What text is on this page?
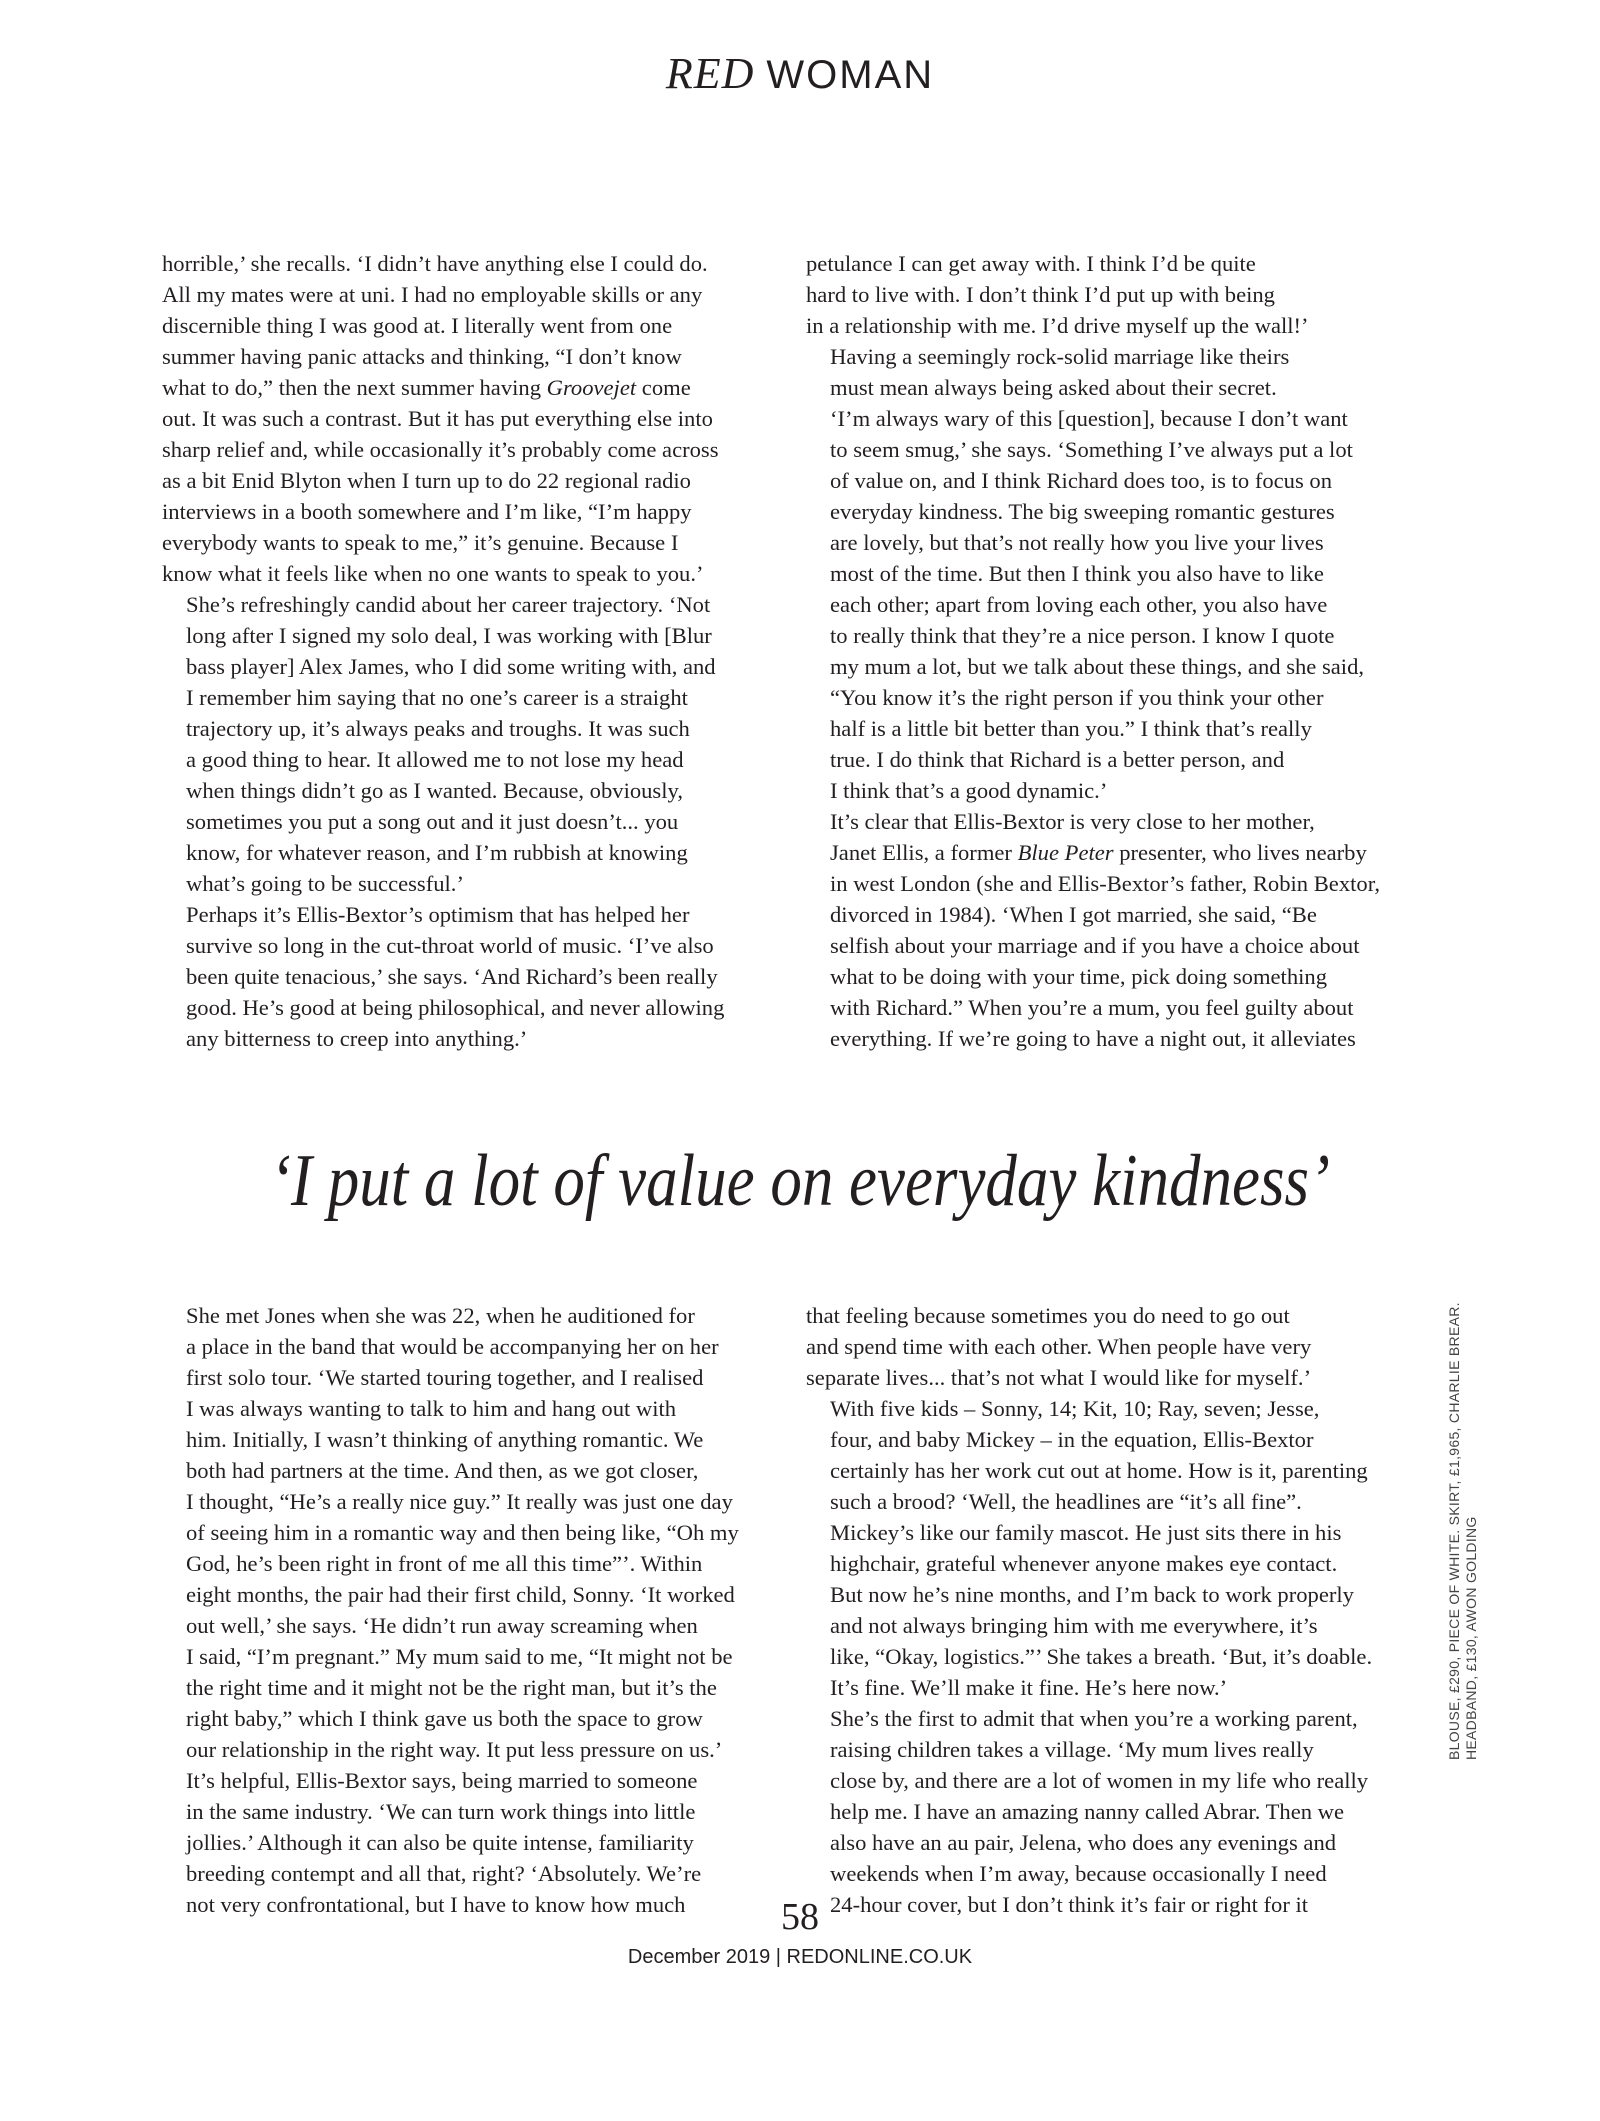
RED WOMAN

horrible,’ she recalls. ‘I didn’t have anything else I could do.
All my mates were at uni. I had no employable skills or any
discernible thing I was good at. I literally went from one
summer having panic attacks and thinking, “I don’t know
what to do,” then the next summer having Groovejet come
out. It was such a contrast. But it has put everything else into
sharp relief and, while occasionally it’s probably come across
as a bit Enid Blyton when I turn up to do 22 regional radio
interviews in a booth somewhere and I’m like, “I’m happy
everybody wants to speak to me,” it’s genuine. Because I
know what it feels like when no one wants to speak to you.’

She’s refreshingly candid about her career trajectory. ‘Not
long after I signed my solo deal, I was working with [Blur
bass player] Alex James, who I did some writing with, and
I remember him saying that no one’s career is a straight
trajectory up, it’s always peaks and troughs. It was such
a good thing to hear. It allowed me to not lose my head
when things didn’t go as I wanted. Because, obviously,
sometimes you put a song out and it just doesn’t... you
know, for whatever reason, and I’m rubbish at knowing
what’s going to be successful.’

Perhaps it’s Ellis-Bextor’s optimism that has helped her
survive so long in the cut-throat world of music. ‘I’ve also
been quite tenacious,’ she says. ‘And Richard’s been really
good. He’s good at being philosophical, and never allowing
any bitterness to creep into anything.’

petulance I can get away with. I think I’d be quite
hard to live with. I don’t think I’d put up with being
in a relationship with me. I’d drive myself up the wall!’

Having a seemingly rock-solid marriage like theirs
must mean always being asked about their secret.
‘I’m always wary of this [question], because I don’t want
to seem smug,’ she says. ‘Something I’ve always put a lot
of value on, and I think Richard does too, is to focus on
everyday kindness. The big sweeping romantic gestures
are lovely, but that’s not really how you live your lives
most of the time. But then I think you also have to like
each other; apart from loving each other, you also have
to really think that they’re a nice person. I know I quote
my mum a lot, but we talk about these things, and she said,
“You know it’s the right person if you think your other
half is a little bit better than you.” I think that’s really
true. I do think that Richard is a better person, and
I think that’s a good dynamic.’

It’s clear that Ellis-Bextor is very close to her mother,
Janet Ellis, a former Blue Peter presenter, who lives nearby
in west London (she and Ellis-Bextor’s father, Robin Bextor,
divorced in 1984). ‘When I got married, she said, “Be
selfish about your marriage and if you have a choice about
what to be doing with your time, pick doing something
with Richard.” When you’re a mum, you feel guilty about
everything. If we’re going to have a night out, it alleviates

‘I put a lot of value on everyday kindness’

She met Jones when she was 22, when he auditioned for
a place in the band that would be accompanying her on her
first solo tour. ‘We started touring together, and I realised
I was always wanting to talk to him and hang out with
him. Initially, I wasn’t thinking of anything romantic. We
both had partners at the time. And then, as we got closer,
I thought, “He’s a really nice guy.” It really was just one day
of seeing him in a romantic way and then being like, “Oh my
God, he’s been right in front of me all this time”’. Within
eight months, the pair had their first child, Sonny. ‘It worked
out well,’ she says. ‘He didn’t run away screaming when
I said, “I’m pregnant.” My mum said to me, “It might not be
the right time and it might not be the right man, but it’s the
right baby,” which I think gave us both the space to grow
our relationship in the right way. It put less pressure on us.’

It’s helpful, Ellis-Bextor says, being married to someone
in the same industry. ‘We can turn work things into little
jollies.’ Although it can also be quite intense, familiarity
breeding contempt and all that, right? ‘Absolutely. We’re
not very confrontational, but I have to know how much

that feeling because sometimes you do need to go out
and spend time with each other. When people have very
separate lives... that’s not what I would like for myself.’

With five kids – Sonny, 14; Kit, 10; Ray, seven; Jesse,
four, and baby Mickey – in the equation, Ellis-Bextor
certainly has her work cut out at home. How is it, parenting
such a brood? ‘Well, the headlines are “it’s all fine”.
Mickey’s like our family mascot. He just sits there in his
highchair, grateful whenever anyone makes eye contact.
But now he’s nine months, and I’m back to work properly
and not always bringing him with me everywhere, it’s
like, “Okay, logistics.”’ She takes a breath. ‘But, it’s doable.
It’s fine. We’ll make it fine. He’s here now.’

She’s the first to admit that when you’re a working parent,
raising children takes a village. ‘My mum lives really
close by, and there are a lot of women in my life who really
help me. I have an amazing nanny called Abrar. Then we
also have an au pair, Jelena, who does any evenings and
weekends when I’m away, because occasionally I need
24-hour cover, but I don’t think it’s fair or right for it

BLOUSE, £290, PIECE OF WHITE. SKIRT, £1,965, CHARLIE BREAR. HEADBAND, £130, AWON GOLDING
58
December 2019 | REDONLINE.CO.UK
